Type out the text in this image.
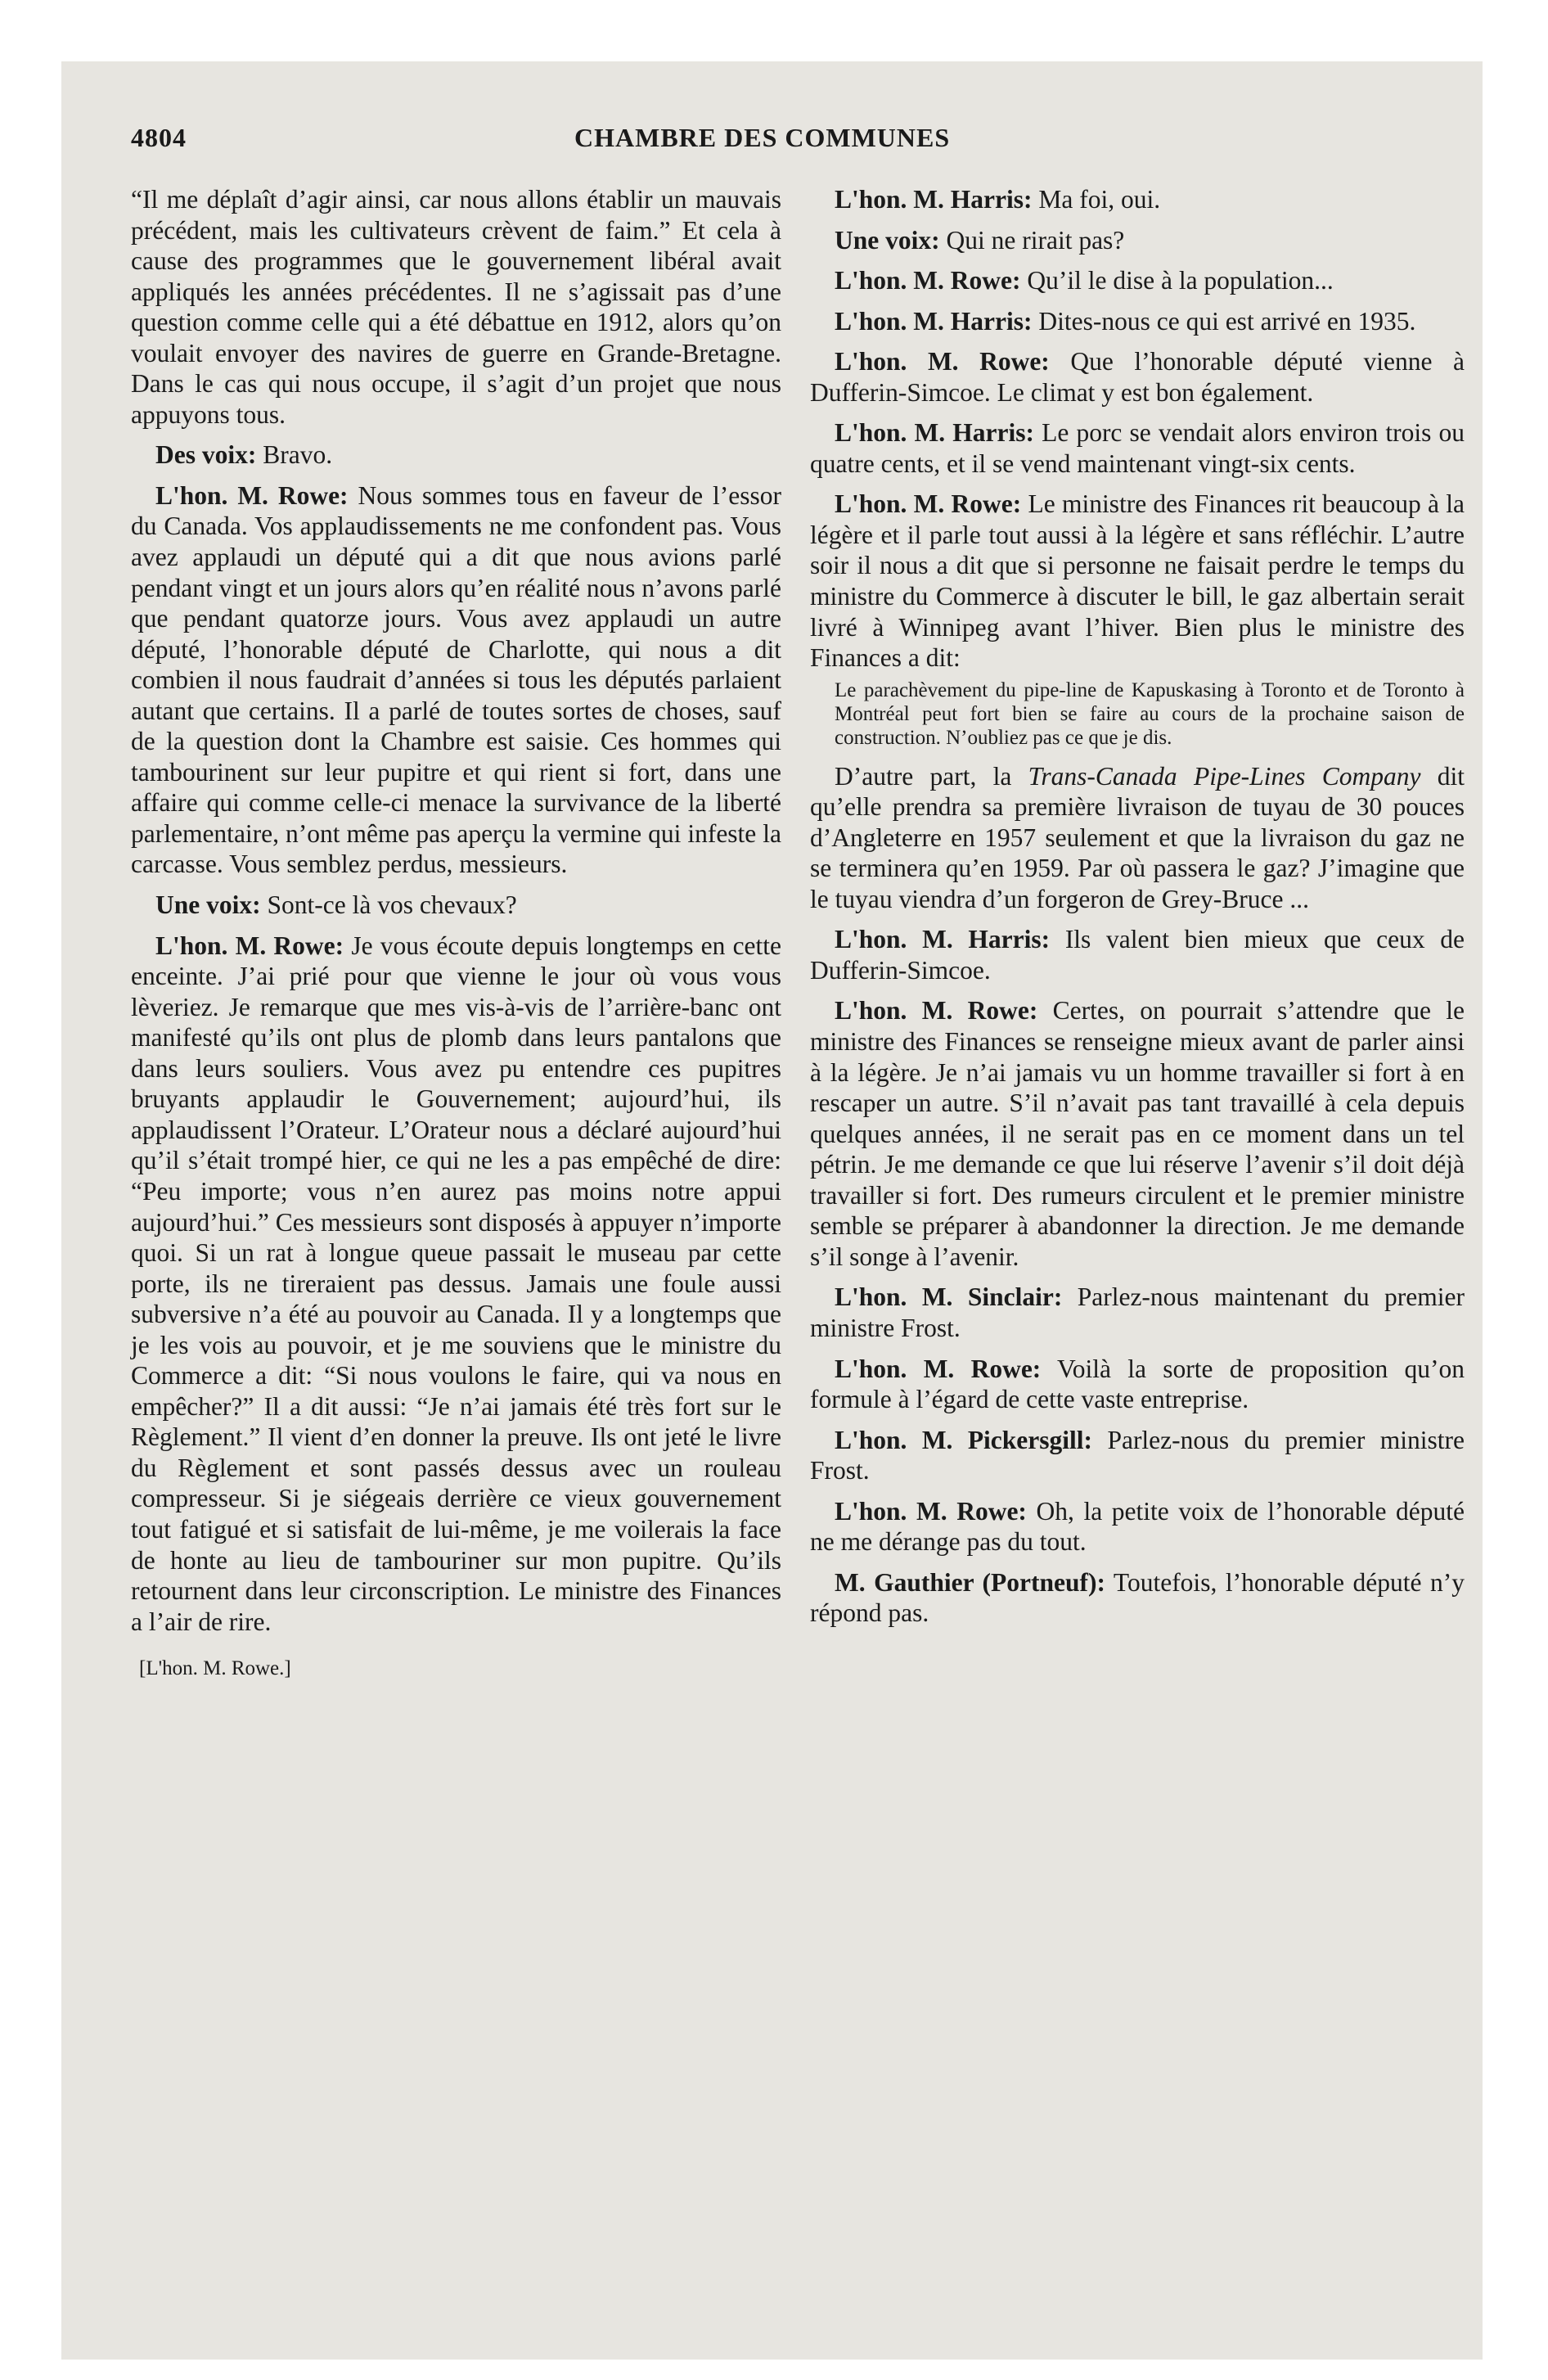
4804	CHAMBRE DES COMMUNES

“Il me déplaît d’agir ainsi, car nous allons établir un mauvais précédent, mais les cultivateurs crèvent de faim.” Et cela à cause des programmes que le gouvernement libéral avait appliqués les années précédentes. Il ne s’agissait pas d’une question comme celle qui a été débattue en 1912, alors qu’on voulait envoyer des navires de guerre en Grande-Bretagne. Dans le cas qui nous occupe, il s’agit d’un projet que nous appuyons tous.

Des voix: Bravo.

L'hon. M. Rowe: Nous sommes tous en faveur de l’essor du Canada. Vos applaudissements ne me confondent pas. Vous avez applaudi un député qui a dit que nous avions parlé pendant vingt et un jours alors qu’en réalité nous n’avons parlé que pendant quatorze jours. Vous avez applaudi un autre député, l’honorable député de Charlotte, qui nous a dit combien il nous faudrait d’années si tous les députés parlaient autant que certains. Il a parlé de toutes sortes de choses, sauf de la question dont la Chambre est saisie. Ces hommes qui tambourinent sur leur pupitre et qui rient si fort, dans une affaire qui comme celle-ci menace la survivance de la liberté parlementaire, n’ont même pas aperçu la vermine qui infeste la carcasse. Vous semblez perdus, messieurs.

Une voix: Sont-ce là vos chevaux?

L'hon. M. Rowe: Je vous écoute depuis longtemps en cette enceinte. J’ai prié pour que vienne le jour où vous vous lèveriez. Je remarque que mes vis-à-vis de l’arrière-banc ont manifesté qu’ils ont plus de plomb dans leurs pantalons que dans leurs souliers. Vous avez pu entendre ces pupitres bruyants applaudir le Gouvernement; aujourd’hui, ils applaudissent l’Orateur. L’Orateur nous a déclaré aujourd’hui qu’il s’était trompé hier, ce qui ne les a pas empêché de dire: “Peu importe; vous n’en aurez pas moins notre appui aujourd’hui.” Ces messieurs sont disposés à appuyer n’importe quoi. Si un rat à longue queue passait le museau par cette porte, ils ne tireraient pas dessus. Jamais une foule aussi subversive n’a été au pouvoir au Canada. Il y a longtemps que je les vois au pouvoir, et je me souviens que le ministre du Commerce a dit: “Si nous voulons le faire, qui va nous en empêcher?” Il a dit aussi: “Je n’ai jamais été très fort sur le Règlement.” Il vient d’en donner la preuve. Ils ont jeté le livre du Règlement et sont passés dessus avec un rouleau compresseur. Si je siégeais derrière ce vieux gouvernement tout fatigué et si satisfait de lui-même, je me voilerais la face de honte au lieu de tambouriner sur mon pupitre. Qu’ils retournent dans leur circonscription. Le ministre des Finances a l’air de rire.

[L'hon. M. Rowe.]

L'hon. M. Harris: Ma foi, oui.

Une voix: Qui ne rirait pas?

L'hon. M. Rowe: Qu’il le dise à la population...

L'hon. M. Harris: Dites-nous ce qui est arrivé en 1935.

L'hon. M. Rowe: Que l’honorable député vienne à Dufferin-Simcoe. Le climat y est bon également.

L'hon. M. Harris: Le porc se vendait alors environ trois ou quatre cents, et il se vend maintenant vingt-six cents.

L'hon. M. Rowe: Le ministre des Finances rit beaucoup à la légère et il parle tout aussi à la légère et sans réfléchir. L’autre soir il nous a dit que si personne ne faisait perdre le temps du ministre du Commerce à discuter le bill, le gaz albertain serait livré à Winnipeg avant l’hiver. Bien plus le ministre des Finances a dit:

Le parachèvement du pipe-line de Kapuskasing à Toronto et de Toronto à Montréal peut fort bien se faire au cours de la prochaine saison de construction. N’oubliez pas ce que je dis.

D’autre part, la Trans-Canada Pipe-Lines Company dit qu’elle prendra sa première livraison de tuyau de 30 pouces d’Angleterre en 1957 seulement et que la livraison du gaz ne se terminera qu’en 1959. Par où passera le gaz? J’imagine que le tuyau viendra d’un forgeron de Grey-Bruce ...

L'hon. M. Harris: Ils valent bien mieux que ceux de Dufferin-Simcoe.

L'hon. M. Rowe: Certes, on pourrait s’attendre que le ministre des Finances se renseigne mieux avant de parler ainsi à la légère. Je n’ai jamais vu un homme travailler si fort à en rescaper un autre. S’il n’avait pas tant travaillé à cela depuis quelques années, il ne serait pas en ce moment dans un tel pétrin. Je me demande ce que lui réserve l’avenir s’il doit déjà travailler si fort. Des rumeurs circulent et le premier ministre semble se préparer à abandonner la direction. Je me demande s’il songe à l’avenir.

L'hon. M. Sinclair: Parlez-nous maintenant du premier ministre Frost.

L'hon. M. Rowe: Voilà la sorte de proposition qu’on formule à l’égard de cette vaste entreprise.

L'hon. M. Pickersgill: Parlez-nous du premier ministre Frost.

L'hon. M. Rowe: Oh, la petite voix de l’honorable député ne me dérange pas du tout.

M. Gauthier (Portneuf): Toutefois, l’honorable député n’y répond pas.
